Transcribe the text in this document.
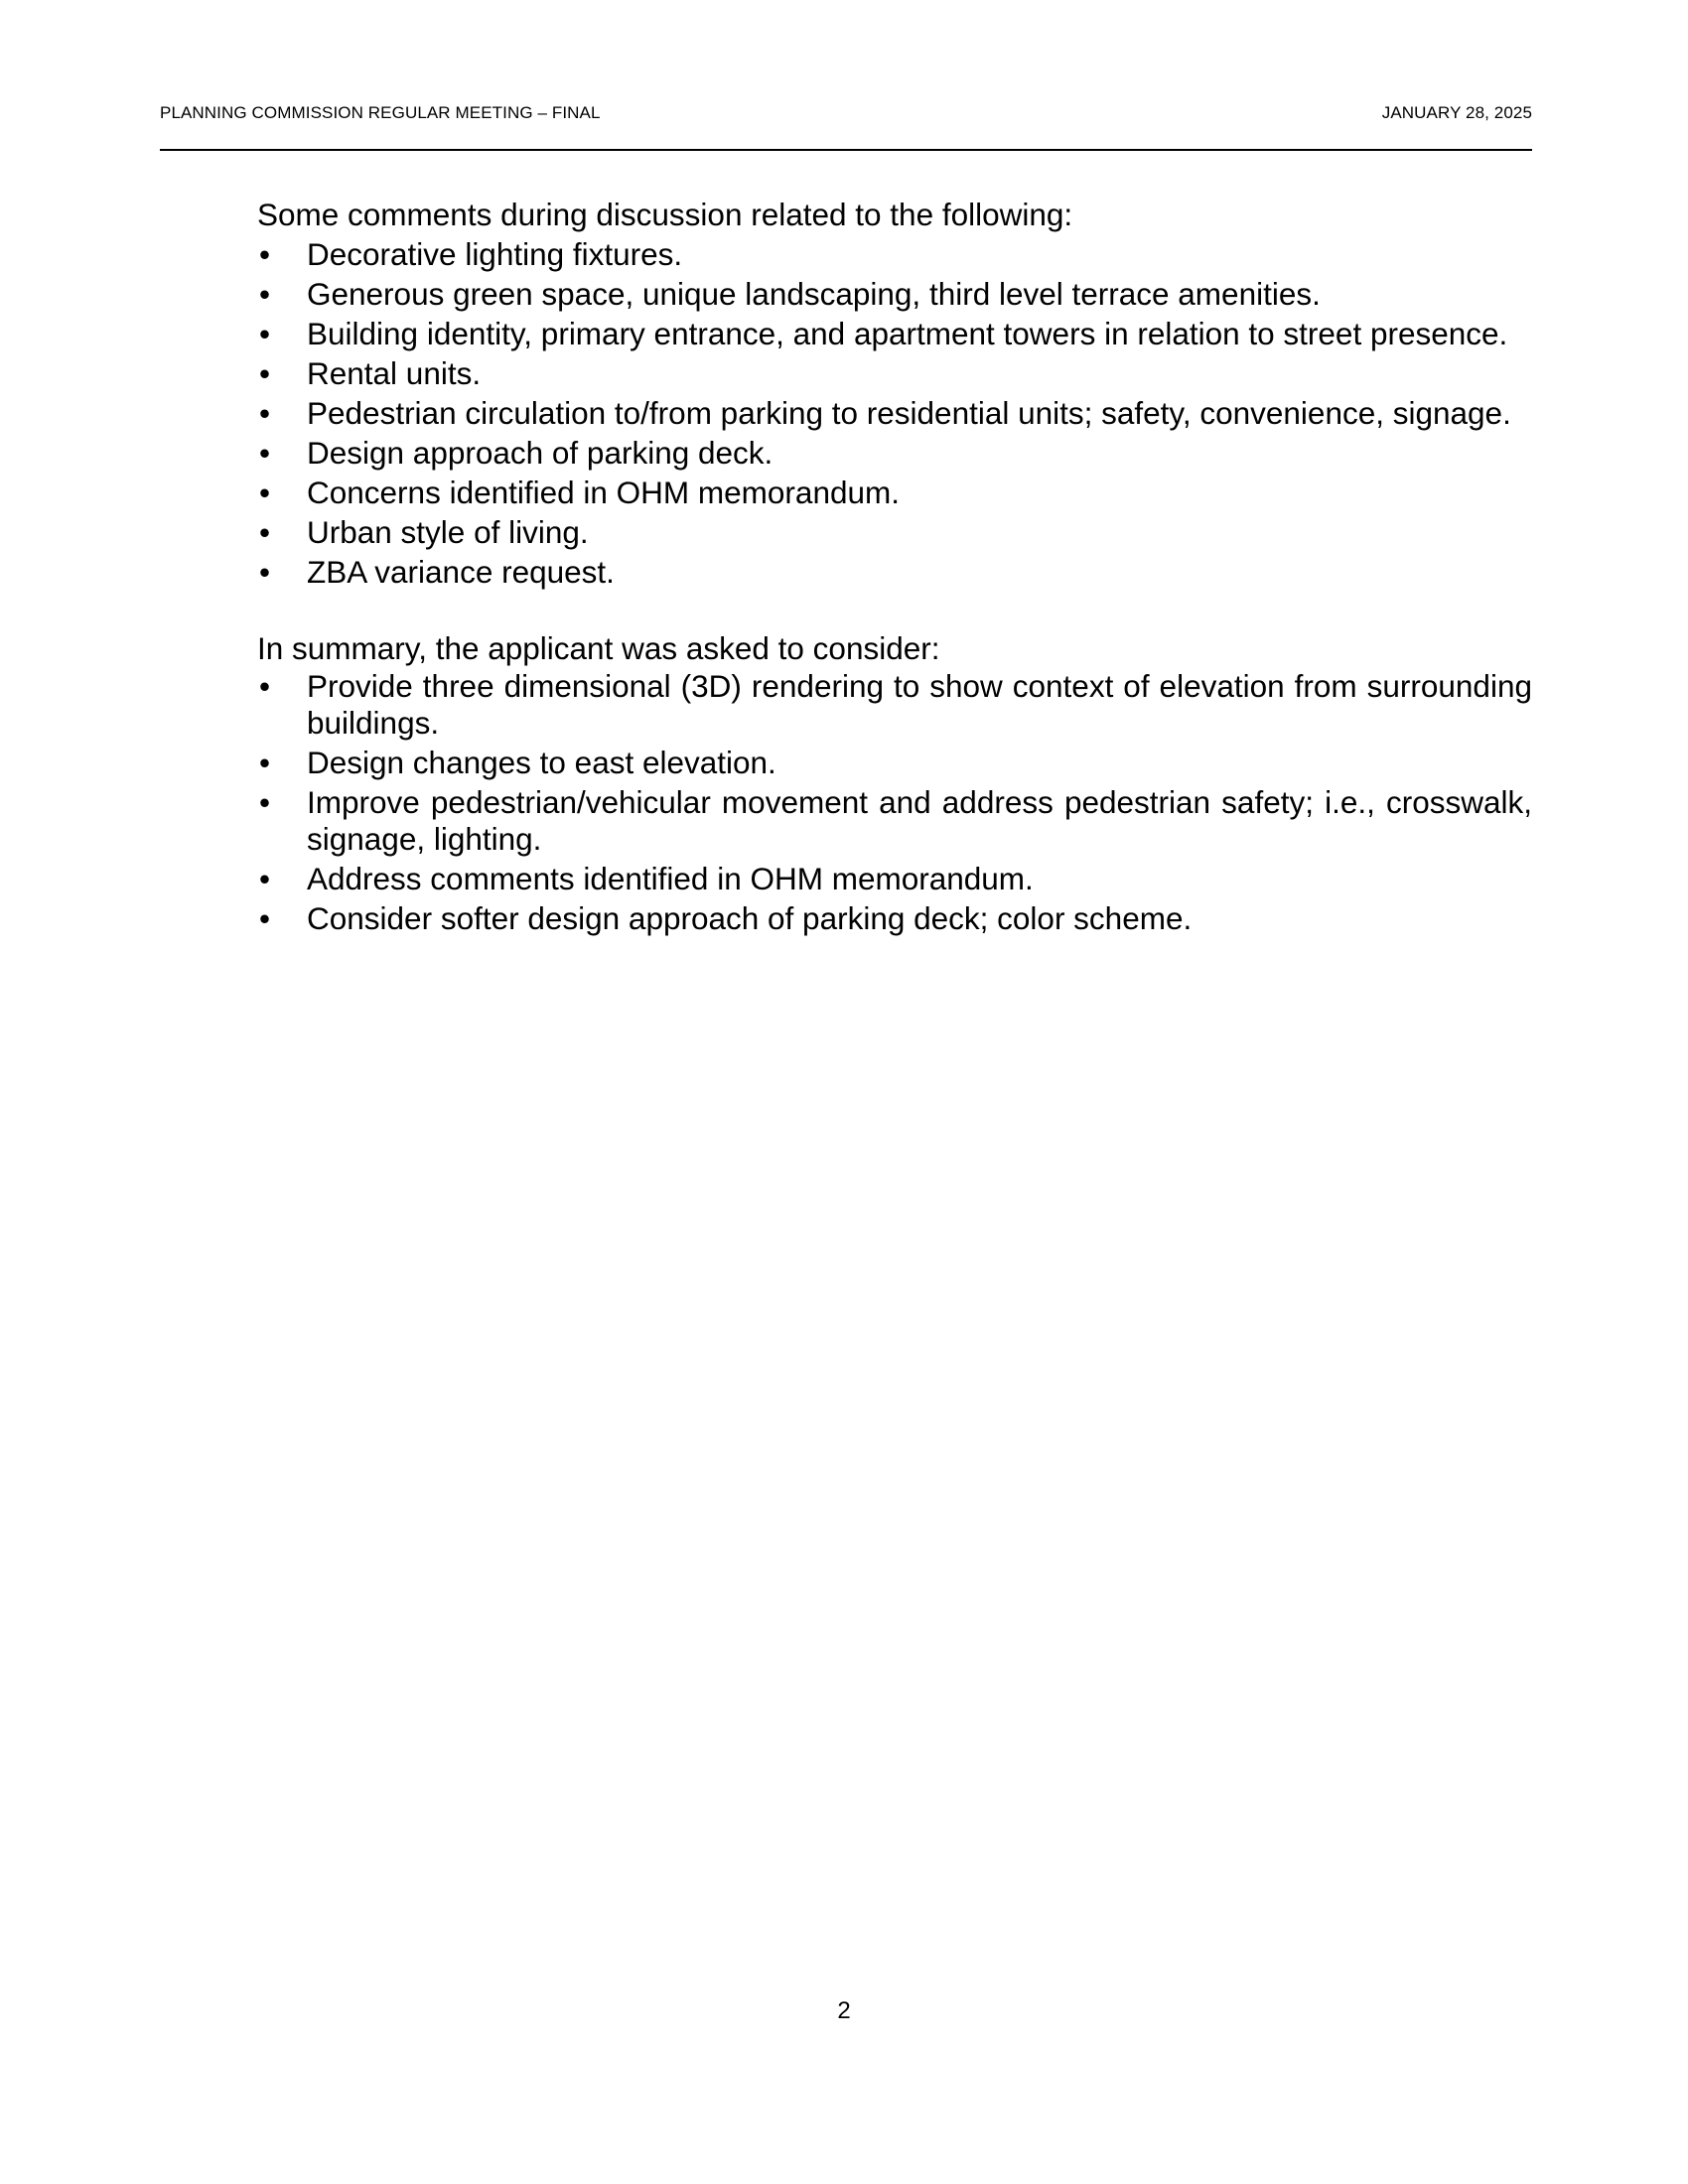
PLANNING COMMISSION REGULAR MEETING – FINAL	JANUARY 28, 2025

Some comments during discussion related to the following:

• Decorative lighting fixtures.
• Generous green space, unique landscaping, third level terrace amenities.
• Building identity, primary entrance, and apartment towers in relation to street presence.
• Rental units.
• Pedestrian circulation to/from parking to residential units; safety, convenience, signage.
• Design approach of parking deck.
• Concerns identified in OHM memorandum.
• Urban style of living.
• ZBA variance request.

In summary, the applicant was asked to consider:

• Provide three dimensional (3D) rendering to show context of elevation from surrounding buildings.
• Design changes to east elevation.
• Improve pedestrian/vehicular movement and address pedestrian safety; i.e., crosswalk, signage, lighting.
• Address comments identified in OHM memorandum.
• Consider softer design approach of parking deck; color scheme.
2
